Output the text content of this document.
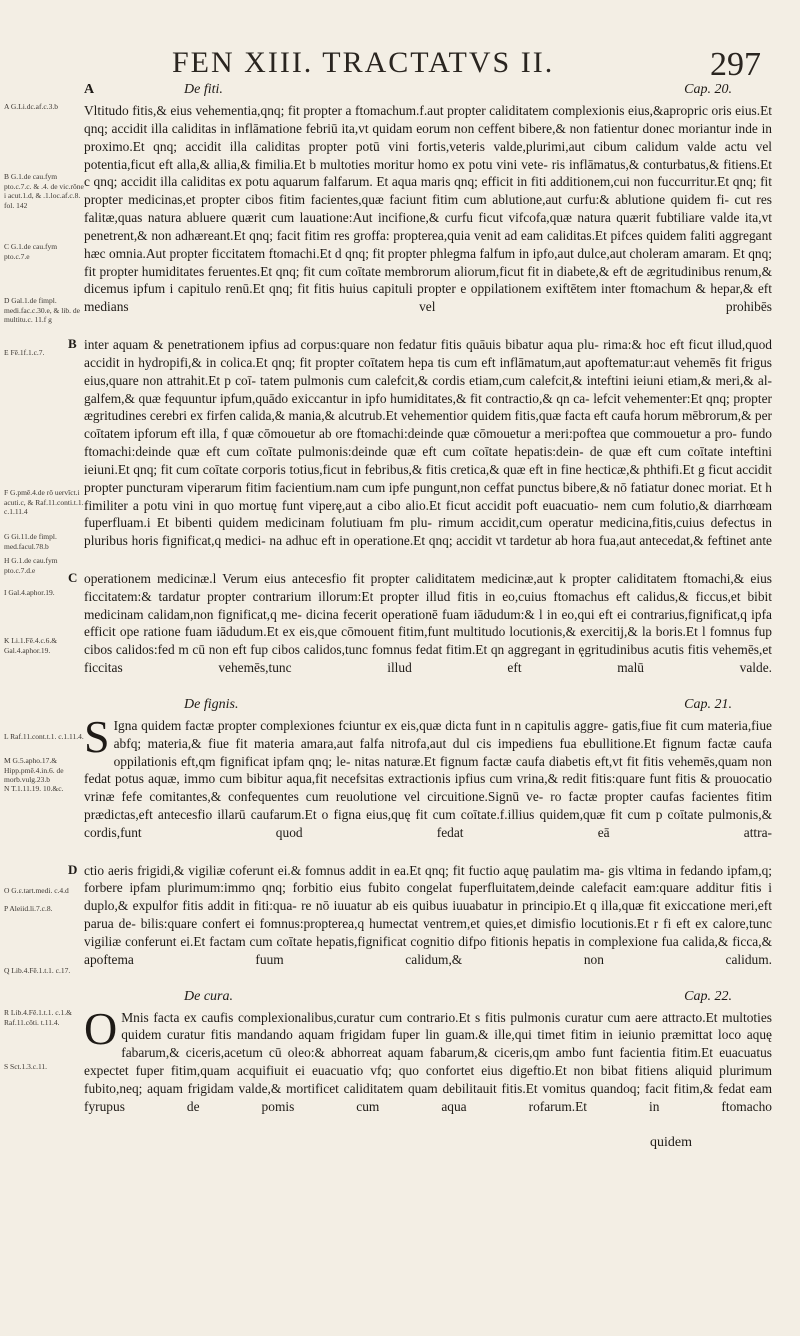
FEN XIII. TRACTATVS II.	297
A G.Li.dc.af.c.3.b
B G.1.de cau.fym pto.c.7.c. & .4. de vic.rōne i acut.1.d, & .1.loc.af.c.8. fol. 142
C G.1.de cau.fym pto.c.7.e
D Gal.1.de fimpl. medi.fac.c.30.e, & lib. de multitu.c. 11.f g
E Fē.1f.1.c.7.
F G.pmē.4.de rō uervīct.i acuti.c, & Raf.11.conti.t.1. c.1.11.4
G Gi.11.de fimpl. med.facul.78.b
H G.1.de cau.fym pto.c.7.d.e
I Gal.4.aphor.19.
K Li.1.Fē.4.c.6.& Gal.4.aphor.19.
L Raf.11.cont.t.1. c.1.11.4.
M G.5.apho.17.& Hipp.pmē.4.in.6. de morb.vulg.23.b
N T.1.11.19. 10.&c.
O G.ε.tart.medi. c.4.d
P Aleiid.li.7.c.8.
Q Lib.4.Fē.1.t.1. c.17.
R Lib.4.Fē.1.t.1. c.1.& Raf.11.cōti. t.11.4.
S Sct.1.3.c.11.
A	De fiti.	Cap. 20.

Vltitudo fitis,& eius vehementia,qnq; fit propter a ftomachum.f.aut propter caliditatem complexionis eius,&apropric oris eius.Et qnq; accidit illa caliditas in inflāmatione febriū ita,vt quidam eorum non ceffent bibere,& non fatientur donec moriantur inde in proximo.Et qnq; accidit illa caliditas propter potū vini fortis,veteris valde,plurimi,aut cibum calidum valde actu vel potentia,ficut eft alla,& allia,& fimilia.Et b multoties moritur homo ex potu vini vete- ris inflāmatus,& conturbatus,& fitiens.Et c qnq; accidit illa caliditas ex potu aquarum falfarum. Et aqua maris qnq; efficit in fiti additionem,cui non fuccurritur.Et qnq; fit propter medicinas,et propter cibos fitim facientes,quæ faciunt fitim cum ablutione,aut curfu:& ablutione quidem fi- cut res falitæ,quas natura abluere quærit cum lauatione:Aut incifione,& curfu ficut vifcofa,quæ natura quærit fubtiliare valde ita,vt penetrent,& non adhæreant.Et qnq; facit fitim res groffa: propterea,quia venit ad eam caliditas.Et pifces quidem faliti aggregant hæc omnia.Aut propter ficcitatem ftomachi.Et d qnq; fit propter phlegma falfum in ipfo,aut dulce,aut choleram amaram. Et qnq; fit propter humiditates feruentes.Et qnq; fit cum coītate membrorum aliorum,ficut fit in diabete,& eft de ægritudinibus renum,& dicemus ipfum i capitulo renū.Et qnq; fit fitis huius capituli propter e oppilationem exiftētem inter ftomachum & hepar,& eft medians vel prohibēs

B inter aquam & penetrationem ipfius ad corpus:quare non fedatur fitis quāuis bibatur aqua plu- rima:& hoc eft ficut illud,quod accidit in hydropifi,& in colica.Et qnq; fit propter coītatem hepa tis cum eft inflāmatum,aut apoftematur:aut vehemēs fit frigus eius,quare non attrahit.Et p coī- tatem pulmonis cum calefcit,& cordis etiam,cum calefcit,& inteftini ieiuni etiam,& meri,& al- galfem,& quæ fequuntur ipfum,quādo exiccantur in ipfo humiditates,& fit contractio,& qn ca- lefcit vehementer:Et qnq; propter ægritudines cerebri ex firfen calida,& mania,& alcutrub.Et vehementior quidem fitis,quæ facta eft caufa horum mēbrorum,& per coītatem ipforum eft illa, f quæ cōmouetur ab ore ftomachi:deinde quæ cōmouetur a meri:poftea que commouetur a pro- fundo ftomachi:deinde quæ eft cum coītate pulmonis:deinde quæ eft cum coītate hepatis:dein- de quæ eft cum coītate inteftini ieiuni.Et qnq; fit cum coītate corporis totius,ficut in febribus,& fitis cretica,& quæ eft in fine hecticæ,& phthifi.Et g ficut accidit propter puncturam viperarum fitim facientium.nam cum ipfe pungunt,non ceffat punctus bibere,& nō fatiatur donec moriat. Et h fimiliter a potu vini in quo mortuę funt viperę,aut a cibo alio.Et ficut accidit poft euacuatio- nem cum folutio,& diarrhœam fuperfluam.i Et bibenti quidem medicinam folutiuam fm plu- rimum accidit,cum operatur medicina,fitis,cuius defectus in pluribus horis fignificat,q medici- na adhuc eft in operatione.Et qnq; accidit vt tardetur ab hora fua,aut antecedat,& feftinet ante

C operationem medicinæ.l Verum eius antecesfio fit propter caliditatem medicinæ,aut k propter caliditatem ftomachi,& eius ficcitatem:& tardatur propter contrarium illorum:Et propter illud fitis in eo,cuius ftomachus eft calidus,& ficcus,et bibit medicinam calidam,non fignificat,q me- dicina fecerit operationē fuam iādudum:& l in eo,qui eft ei contrarius,fignificat,q ipfa efficit ope ratione fuam iādudum.Et ex eis,que cōmouent fitim,funt multitudo locutionis,& exercitij,& la boris.Et l fomnus fup cibos calidos:fed m cū non eft fup cibos calidos,tunc fomnus fedat fitim.Et qn aggregant in ęgritudinibus acutis fitis vehemēs,et ficcitas vehemēs,tunc illud eft malū valde.

De fignis.	Cap. 21.
S Igna quidem factæ propter complexiones fciuntur ex eis,quæ dicta funt in n capitulis aggre- gatis,fiue fit cum materia,fiue abfq; materia,& fiue fit materia amara,aut falfa nitrofa,aut dul cis impediens fua ebullitione.Et fignum factæ caufa oppilationis eft,qm fignificat ipfam qnq; le- nitas naturæ.Et fignum factæ caufa diabetis eft,vt fit fitis vehemēs,quam non fedat potus aquæ, immo cum bibitur aqua,fit necefsitas extractionis ipfius cum vrina,& redit fitis:quare funt fitis & prouocatio vrinæ fefe comitantes,& confequentes cum reuolutione vel circuitione.Signū ve- ro factæ propter caufas facientes fitim prædictas,eft antecesfio illarū caufarum.Et o figna eius,quę fit cum coītate.f.illius quidem,quæ fit cum p coītate pulmonis,& cordis,funt quod fedat eā attra-

D ctio aeris frigidi,& vigiliæ coferunt ei.& fomnus addit in ea.Et qnq; fit fuctio aquę paulatim ma- gis vltima in fedando ipfam,q; forbere ipfam plurimum:immo qnq; forbitio eius fubito congelat fuperfluitatem,deinde calefacit eam:quare additur fitis i duplo,& expulfor fitis addit in fiti:qua- re nō iuuatur ab eis quibus iuuabatur in principio.Et q illa,quæ fit exiccatione meri,eft parua de- bilis:quare confert ei fomnus:propterea,q humectat ventrem,et quies,et dimisfio locutionis.Et r fi eft ex calore,tunc vigiliæ conferunt ei.Et factam cum coītate hepatis,fignificat cognitio difpo fitionis hepatis in complexione fua calida,& ficca,& apoftema fuum calidum,& non calidum.

De cura.	Cap. 22.
O Mnis facta ex caufis complexionalibus,curatur cum contrario.Et s fitis pulmonis curatur cum aere attracto.Et multoties quidem curatur fitis mandando aquam frigidam fuper lin guam.& ille,qui timet fitim in ieiunio præmittat loco aquę fabarum,& ciceris,acetum cū oleo:& abhorreat aquam fabarum,& ciceris,qm ambo funt facientia fitim.Et euacuatus expectet fuper fitim,quam acquifiuit ei euacuatio vfq; quo confortet eius digeftio.Et non bibat fitiens aliquid plurimum fubito,neq; aquam frigidam valde,& mortificet caliditatem quam debilitauit fitis.Et vomitus quandoq; facit fitim,& fedat eam fyrupus de pomis cum aqua rofarum.Et in ftomacho

quidem
